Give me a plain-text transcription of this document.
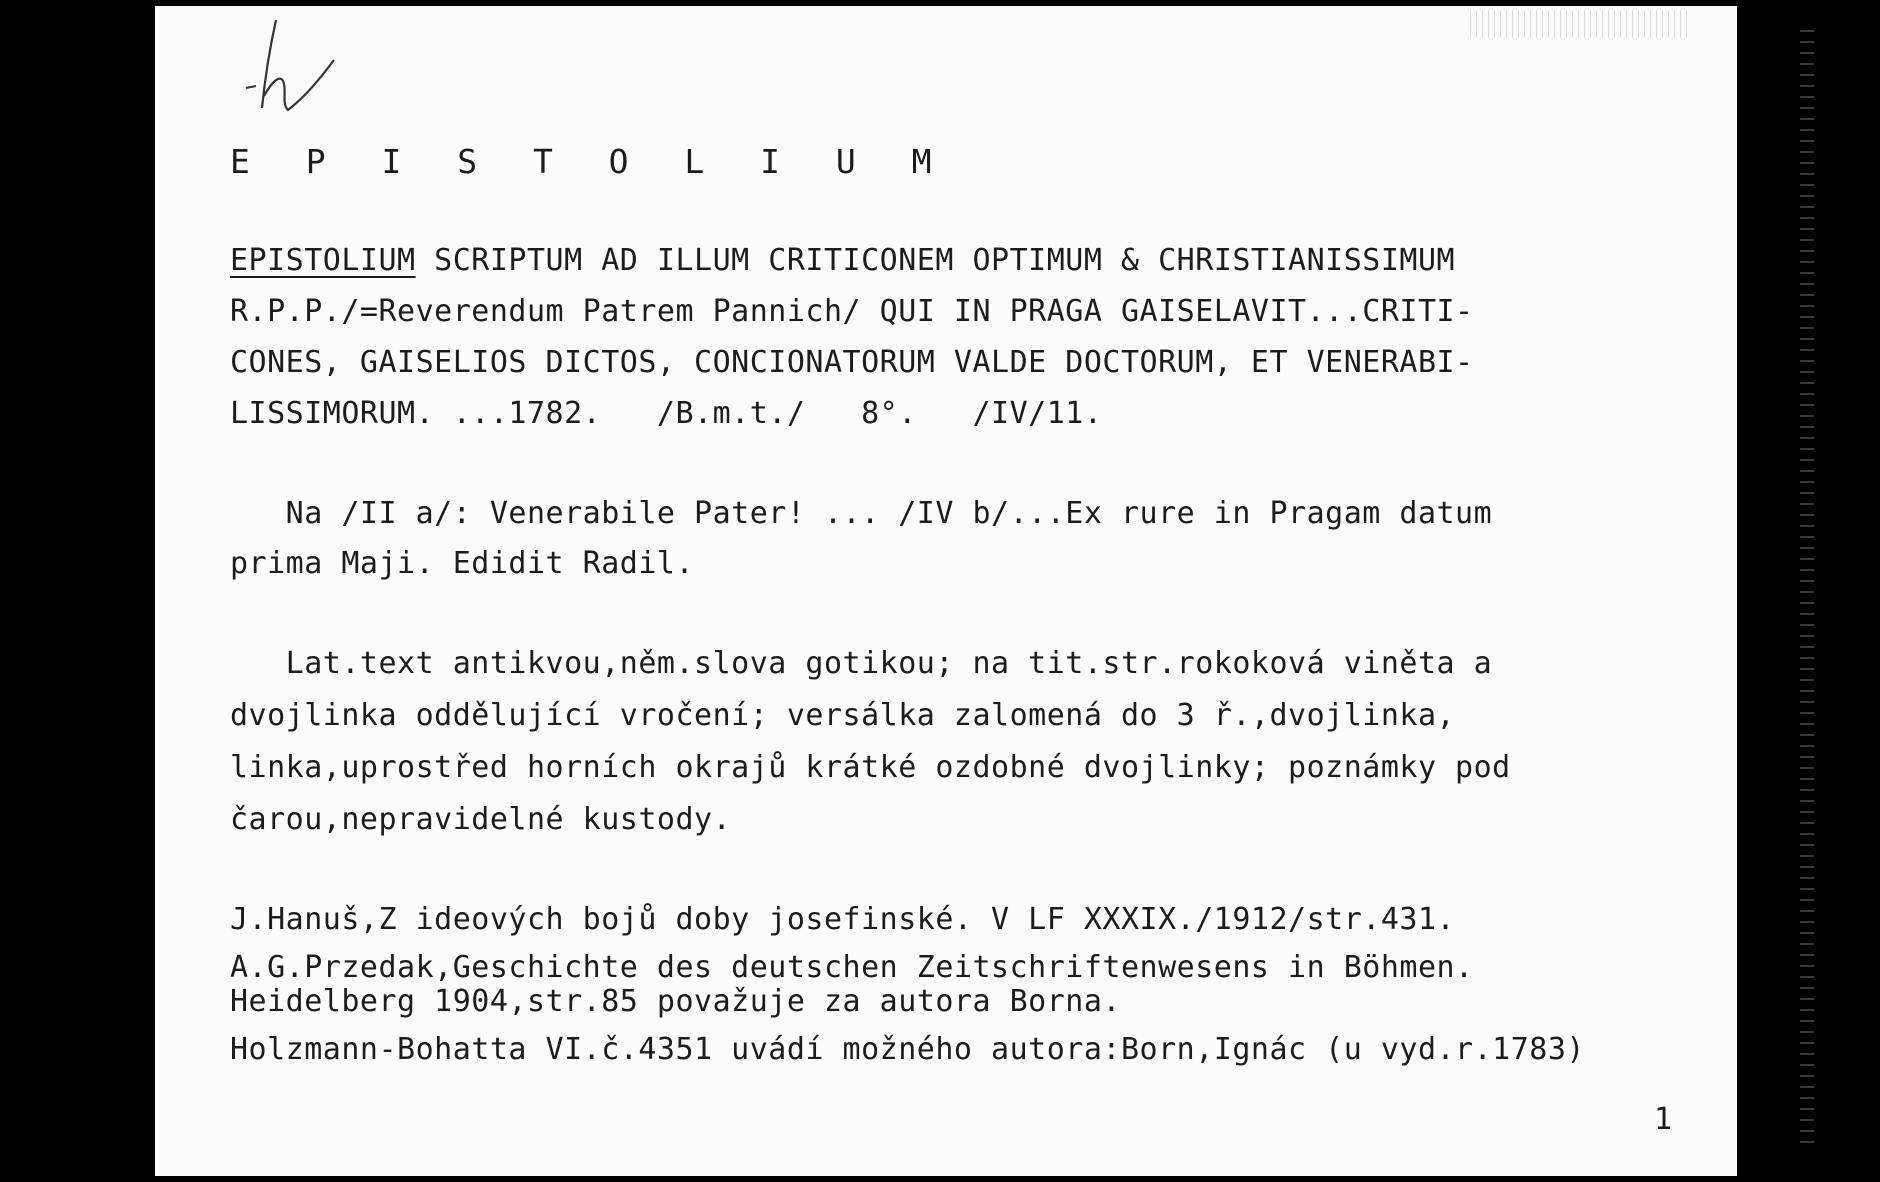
E P I S T O L I U M

EPISTOLIUM SCRIPTUM AD ILLUM CRITICONEM OPTIMUM & CHRISTIANISSIMUM

R.P.P./=Reverendum Patrem Pannich/ QUI IN PRAGA GAISELAVIT...CRITI-

CONES, GAISELIOS DICTOS, CONCIONATORUM VALDE DOCTORUM, ET VENERABI-

LISSIMORUM. ...1782.   /B.m.t./   8°.   /IV/11.

Na /II a/: Venerabile Pater! ... /IV b/...Ex rure in Pragam datum

prima Maji. Edidit Radil.

Lat.text antikvou,něm.slova gotikou; na tit.str.rokoková viněta a

dvojlinka oddělující vročení; versálka zalomená do 3 ř.,dvojlinka,

linka,uprostřed horních okrajů krátké ozdobné dvojlinky; poznámky pod

čarou,nepravidelné kustody.

J.Hanuš,Z ideových bojů doby josefinské. V LF XXXIX./1912/str.431.

A.G.Przedak,Geschichte des deutschen Zeitschriftenwesens in Böhmen.

Heidelberg 1904,str.85 považuje za autora Borna.

Holzmann-Bohatta VI.č.4351 uvádí možného autora:Born,Ignác (u vyd.r.1783)

1
